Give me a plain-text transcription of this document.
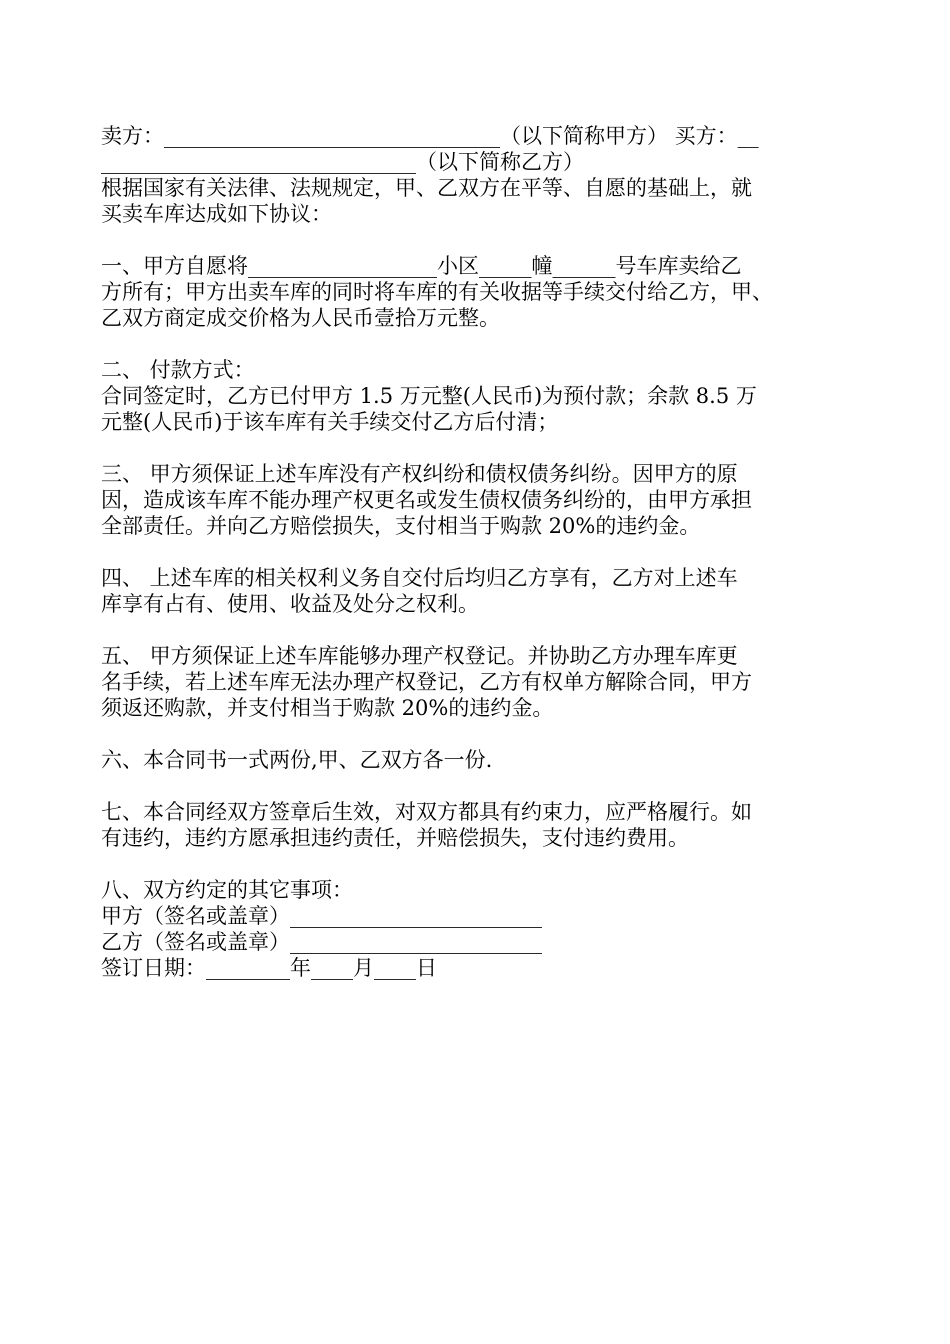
卖方：________________________________（以下简称甲方） 买方：__
______________________________（以下简称乙方）
根据国家有关法律、法规规定，甲、乙双方在平等、自愿的基础上，就
买卖车库达成如下协议：
一、甲方自愿将__________________小区_____幢______号车库卖给乙
方所有；甲方出卖车库的同时将车库的有关收据等手续交付给乙方，甲、
乙双方商定成交价格为人民币壹拾万元整。
二、 付款方式：
合同签定时，乙方已付甲方 1.5 万元整(人民币)为预付款；余款 8.5 万
元整(人民币)于该车库有关手续交付乙方后付清；
三、 甲方须保证上述车库没有产权纠纷和债权债务纠纷。因甲方的原
因，造成该车库不能办理产权更名或发生债权债务纠纷的，由甲方承担
全部责任。并向乙方赔偿损失，支付相当于购款 20%的违约金。
四、 上述车库的相关权利义务自交付后均归乙方享有，乙方对上述车
库享有占有、使用、收益及处分之权利。
五、 甲方须保证上述车库能够办理产权登记。并协助乙方办理车库更
名手续，若上述车库无法办理产权登记，乙方有权单方解除合同，甲方
须返还购款，并支付相当于购款 20%的违约金。
六、本合同书一式两份,甲、乙双方各一份.
七、本合同经双方签章后生效，对双方都具有约束力，应严格履行。如
有违约，违约方愿承担违约责任，并赔偿损失，支付违约费用。
八、双方约定的其它事项：
甲方（签名或盖章）________________________
乙方（签名或盖章）________________________
签订日期：________年____月____日
